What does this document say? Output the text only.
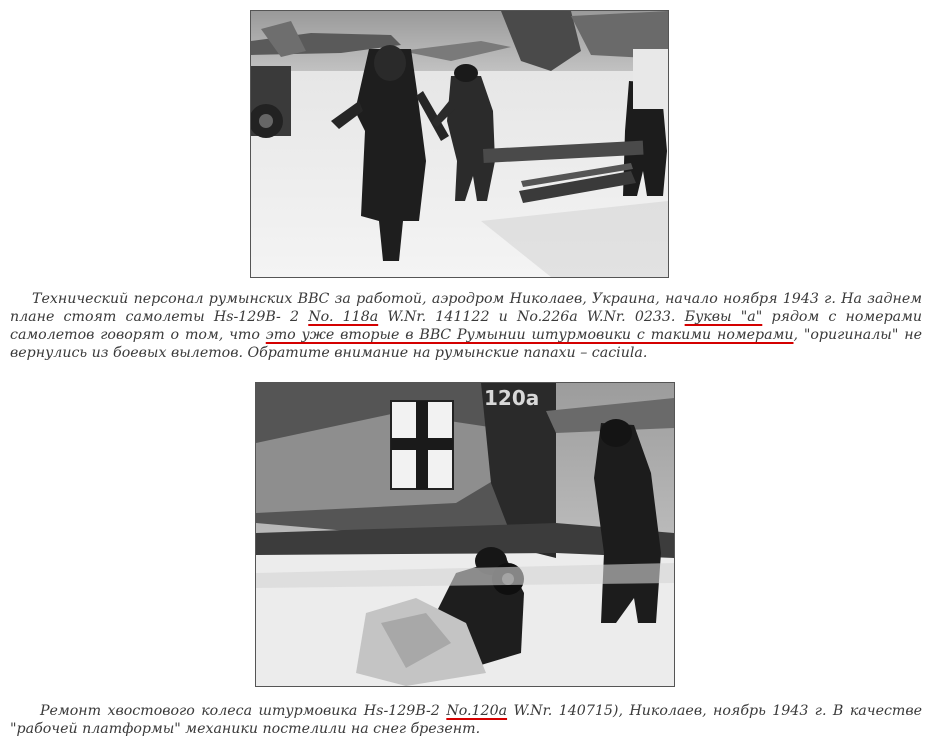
Технический персонал румынских ВВС за работой, аэродром Николаев, Украина, начало ноября 1943 г. На заднем плане стоят самолеты Hs-129B- 2 No. 118а W.Nr. 141122 и No.226а W.Nr. 0233. Буквы "а" рядом с номерами самолетов говорят о том, что это уже вторые в ВВС Румынии штурмовики с такими номерами, "оригиналы" не вернулись из боевых вылетов. Обратите внимание на румынские папахи – caciula.

120a

Ремонт хвостового колеса штурмовика Hs-129B-2 No.120а W.Nr. 140715), Николаев, ноябрь 1943 г. В качестве "рабочей платформы" механики постелили на снег брезент.
